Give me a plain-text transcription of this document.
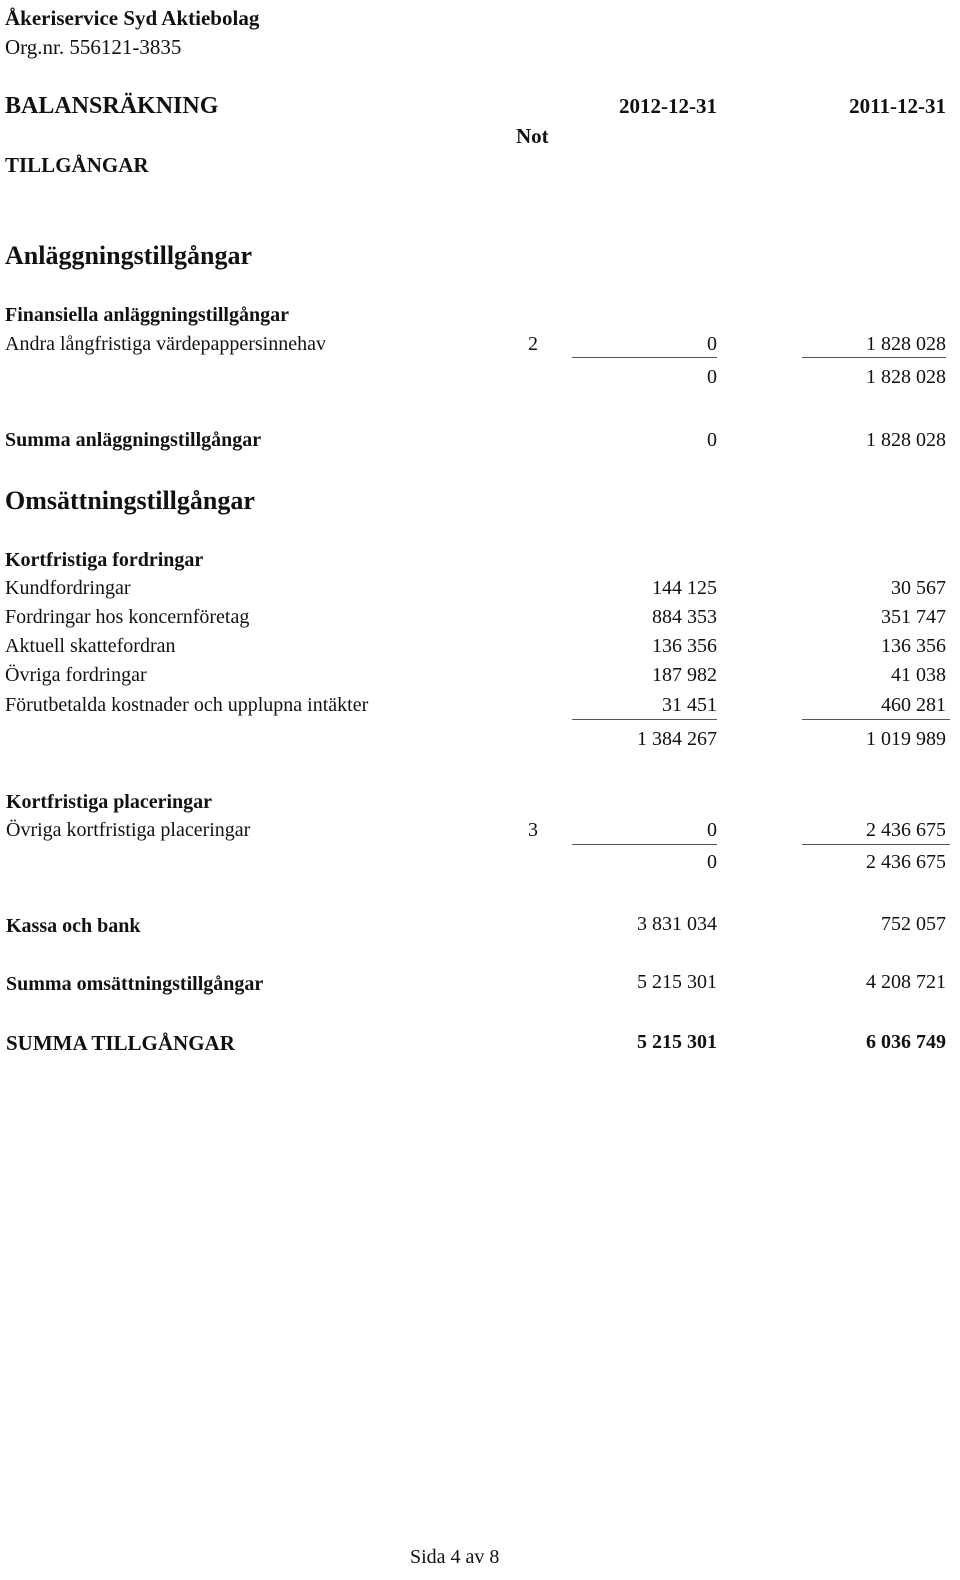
Åkeriservice Syd Aktiebolag
Org.nr. 556121-3835
BALANSRÄKNING	2012-12-31	2011-12-31
Not
TILLGÅNGAR
Anläggningstillgångar
Finansiella anläggningstillgångar
Andra långfristiga värdepappersinnehav	2	0	1 828 028
0	1 828 028
Summa anläggningstillgångar	0	1 828 028
Omsättningstillgångar
Kortfristiga fordringar
Kundfordringar	144 125	30 567
Fordringar hos koncernföretag	884 353	351 747
Aktuell skattefordran	136 356	136 356
Övriga fordringar	187 982	41 038
Förutbetalda kostnader och upplupna intäkter	31 451	460 281
1 384 267	1 019 989
Kortfristiga placeringar
Övriga kortfristiga placeringar	3	0	2 436 675
0	2 436 675
Kassa och bank	3 831 034	752 057
Summa omsättningstillgångar	5 215 301	4 208 721
SUMMA TILLGÅNGAR	5 215 301	6 036 749
Sida 4 av 8
